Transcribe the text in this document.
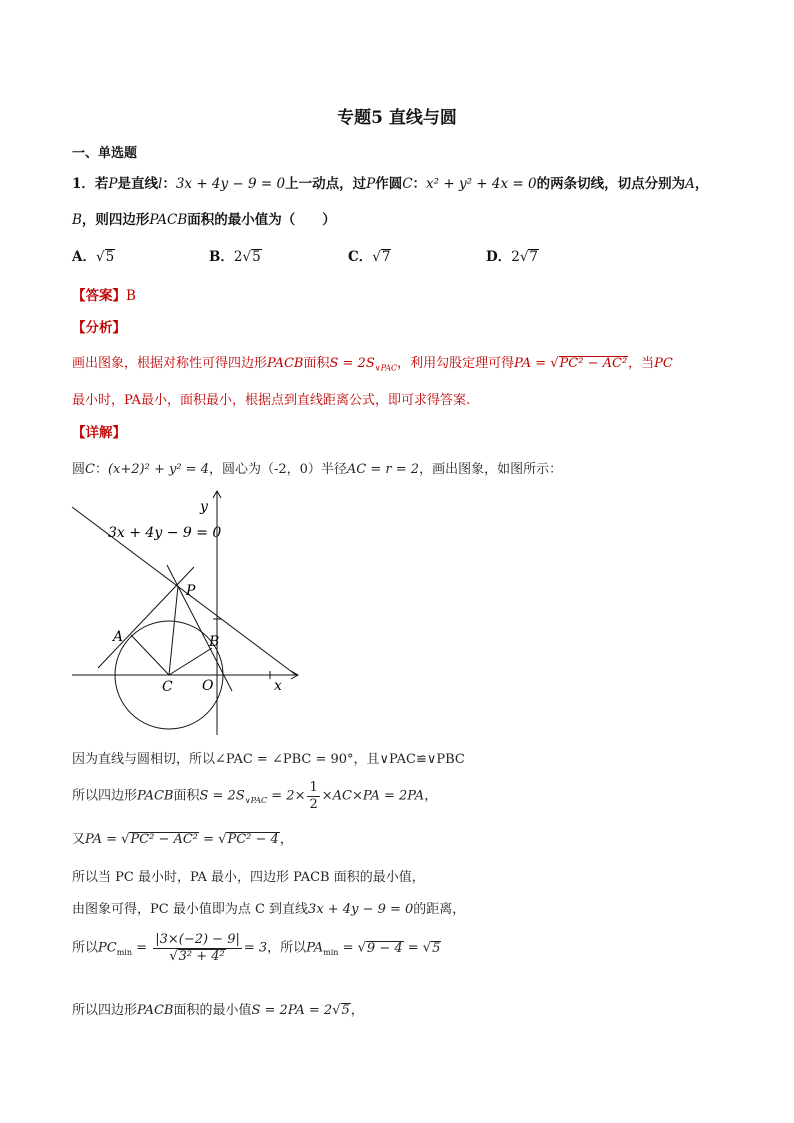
专题5 直线与圆
一、单选题
1．若P是直线l：3x + 4y − 9 = 0上一动点，过P作圆C：x² + y² + 4x = 0的两条切线，切点分别为A，
B，则四边形PACB面积的最小值为（　　）
A．√5	B．2√5	C．√7	D．2√7
【答案】B
【分析】
画出图象，根据对称性可得四边形PACB面积$S = 2S_{\vee PAC}$，利用勾股定理可得PA = √PC² − AC²，当PC
最小时，PA最小，面积最小，根据点到直线距离公式，即可求得答案.
【详解】
圆C：(x+2)² + y² = 4，圆心为（-2，0）半径AC = r = 2，画出图象，如图所示：
3x + 4y − 9 = 0
y
x
P
A	B
C O
因为直线与圆相切，所以∠PAC = ∠PBC = 90°，且∨PAC≌∨PBC
所以四边形PACB面积$S = 2S_{\vee PAC} = 2\times \frac{1}{2} \times AC\times PA = 2PA$，
又PA = √PC² − AC² = √PC² − 4，
所以当 PC 最小时，PA 最小，四边形 PACB 面积的最小值，
由图象可得，PC 最小值即为点 C 到直线3x + 4y − 9 = 0的距离，
所以$PC_{min} = \frac{|3\times(-2) - 9|}{\text{√3² + 4²}} = 3$，所以$PA_{min} = √9 - 4 = √5$
所以四边形PACB面积的最小值S = 2PA = 2√5，
